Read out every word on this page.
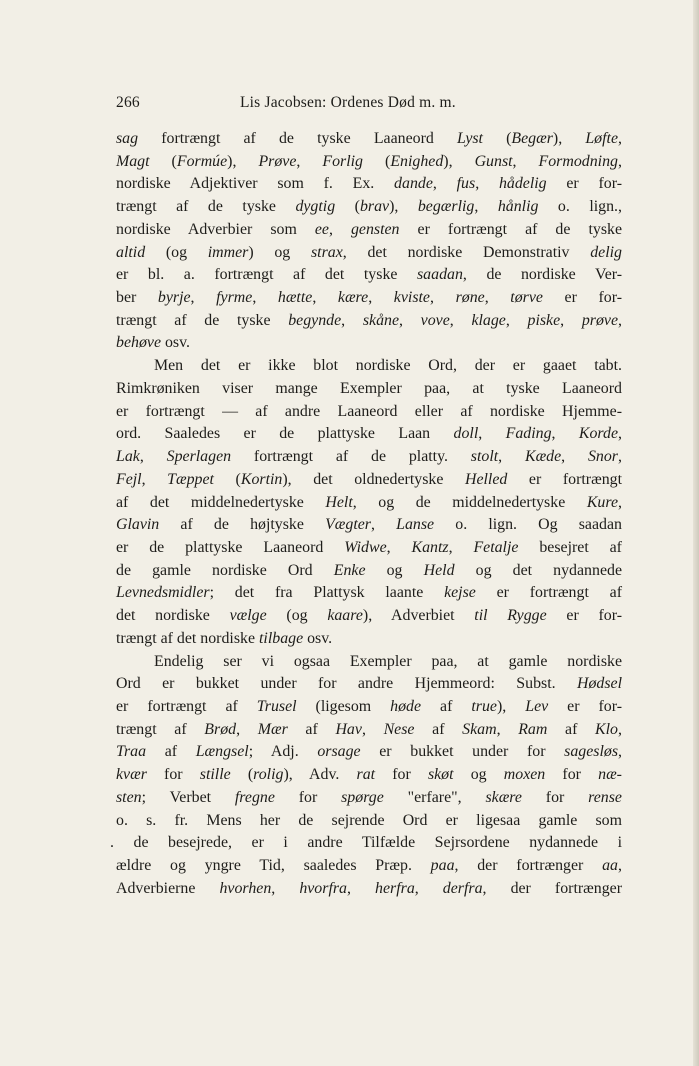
266	Lis Jacobsen: Ordenes Død m. m.
sag fortrængt af de tyske Laaneord Lyst (Begær), Løfte,
Magt (Formúe), Prøve, Forlig (Enighed), Gunst, Formodning,
nordiske Adjektiver som f. Ex. dande, fus, hådelig er for-
trængt af de tyske dygtig (brav), begærlig, hånlig o. lign.,
nordiske Adverbier som ee, gensten er fortrængt af de tyske
altid (og immer) og strax, det nordiske Demonstrativ delig
er bl. a. fortrængt af det tyske saadan, de nordiske Ver-
ber byrje, fyrme, hætte, kære, kviste, røne, tørve er for-
trængt af de tyske begynde, skåne, vove, klage, piske, prøve,
behøve osv.
Men det er ikke blot nordiske Ord, der er gaaet tabt.
Rimkrøniken viser mange Exempler paa, at tyske Laaneord
er fortrængt — af andre Laaneord eller af nordiske Hjemme-
ord. Saaledes er de plattyske Laan doll, Fading, Korde,
Lak, Sperlagen fortrængt af de platty. stolt, Kæde, Snor,
Fejl, Tæppet (Kortin), det oldnedertyske Helled er fortrængt
af det middelnedertyske Helt, og de middelnedertyske Kure,
Glavin af de højtyske Vægter, Lanse o. lign. Og saadan
er de plattyske Laaneord Widwe, Kantz, Fetalje besejret af
de gamle nordiske Ord Enke og Held og det nydannede
Levnedsmidler; det fra Plattysk laante kejse er fortrængt af
det nordiske vælge (og kaare), Adverbiet til Rygge er for-
trængt af det nordiske tilbage osv.
Endelig ser vi ogsaa Exempler paa, at gamle nordiske
Ord er bukket under for andre Hjemmeord: Subst. Hødsel
er fortrængt af Trusel (ligesom høde af true), Lev er for-
trængt af Brød, Mær af Hav, Nese af Skam, Ram af Klo,
Traa af Længsel; Adj. orsage er bukket under for sagesløs,
kvær for stille (rolig), Adv. rat for skøt og moxen for næ-
sten; Verbet fregne for spørge "erfare", skære for rense
o. s. fr. Mens her de sejrende Ord er ligesaa gamle som
. de besejrede, er i andre Tilfælde Sejrsordene nydannede i
ældre og yngre Tid, saaledes Præp. paa, der fortrænger aa,
Adverbierne hvorhen, hvorfra, herfra, derfra, der fortrænger
